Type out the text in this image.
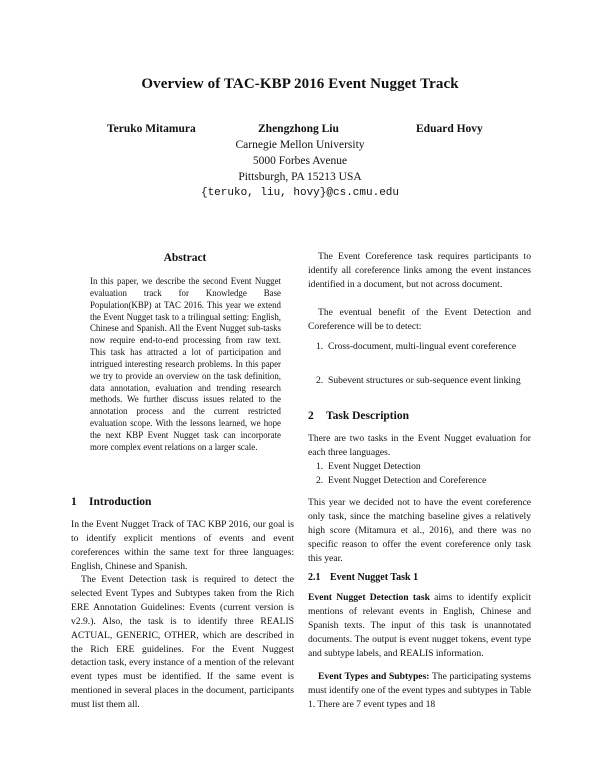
Overview of TAC-KBP 2016 Event Nugget Track
Teruko Mitamura	Zhengzhong Liu	Eduard Hovy
Carnegie Mellon University
5000 Forbes Avenue
Pittsburgh, PA 15213 USA
{teruko, liu, hovy}@cs.cmu.edu
Abstract

In this paper, we describe the second Event Nugget evaluation track for Knowledge Base Population(KBP) at TAC 2016. This year we extend the Event Nugget task to a trilingual setting: English, Chinese and Spanish. All the Event Nugget sub-tasks now require end-to-end processing from raw text. This task has attracted a lot of participation and intrigued interesting research problems. In this paper we try to provide an overview on the task definition, data annotation, evaluation and trending research methods. We further discuss issues related to the annotation process and the current restricted evaluation scope. With the lessons learned, we hope the next KBP Event Nugget task can incorporate more complex event relations on a larger scale.

1 Introduction

In the Event Nugget Track of TAC KBP 2016, our goal is to identify explicit mentions of events and event coreferences within the same text for three languages: English, Chinese and Spanish.

The Event Detection task is required to detect the selected Event Types and Subtypes taken from the Rich ERE Annotation Guidelines: Events (current version is v2.9.). Also, the task is to identify three REALIS ACTUAL, GENERIC, OTHER, which are described in the Rich ERE guidelines. For the Event Nuggest detaction task, every instance of a mention of the relevant event types must be identified. If the same event is mentioned in several places in the document, participants must list them all.

The Event Coreference task requires participants to identify all coreference links among the event instances identified in a document, but not across document.

The eventual benefit of the Event Detection and Coreference will be to detect:

1. Cross-document, multi-lingual event coreference
2. Subevent structures or sub-sequence event linking
2 Task Description

There are two tasks in the Event Nugget evaluation for each three languages.

1. Event Nugget Detection
2. Event Nugget Detection and Coreference

This year we decided not to have the event coreference only task, since the matching baseline gives a relatively high score (Mitamura et al., 2016), and there was no specific reason to offer the event coreference only task this year.

2.1 Event Nugget Task 1

Event Nugget Detection task aims to identify explicit mentions of relevant events in English, Chinese and Spanish texts. The input of this task is unannotated documents. The output is event nugget tokens, event type and subtype labels, and REALIS information.

Event Types and Subtypes: The participating systems must identify one of the event types and subtypes in Table 1. There are 7 event types and 18
